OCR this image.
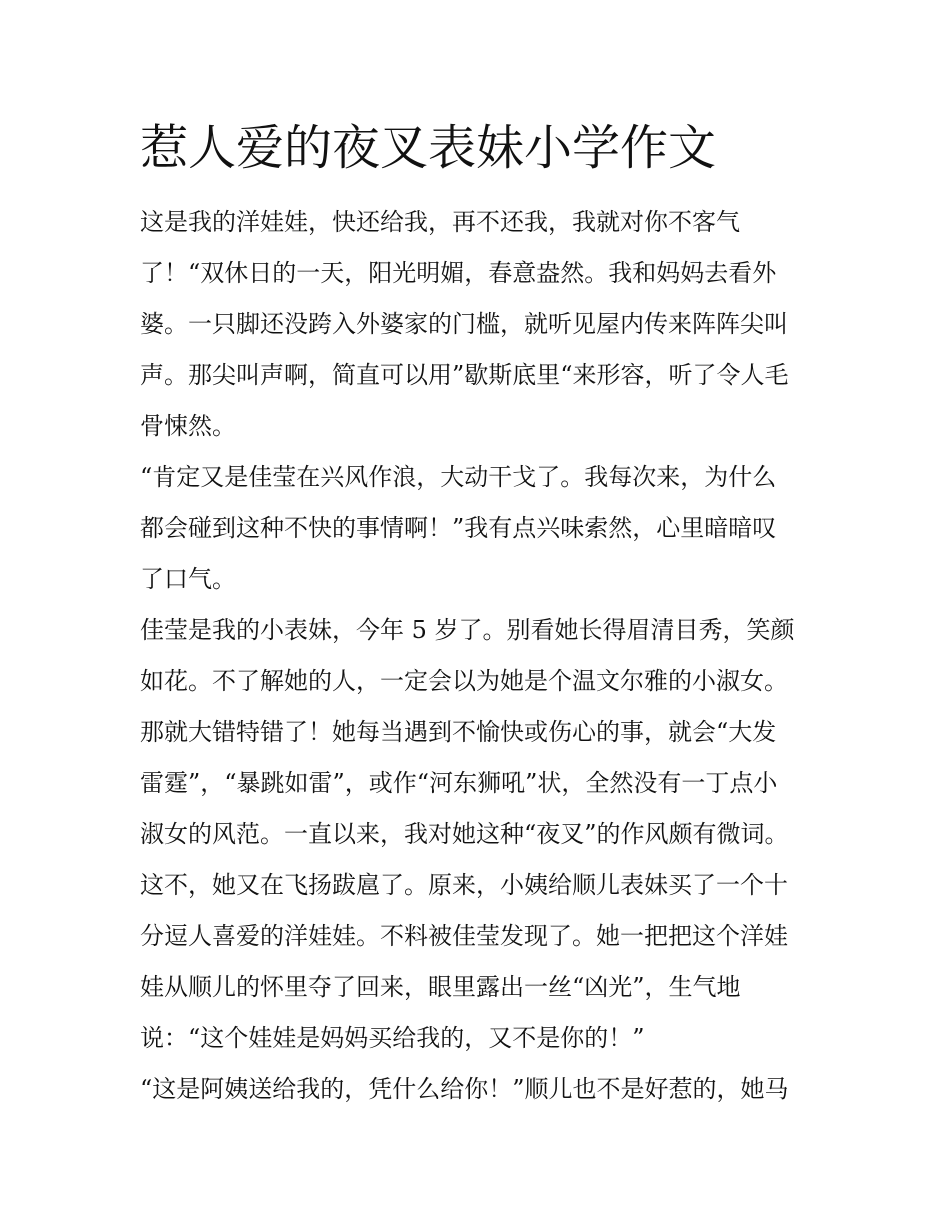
惹人爱的夜叉表妹小学作文
这是我的洋娃娃，快还给我，再不还我，我就对你不客气
了！“双休日的一天，阳光明媚，春意盎然。我和妈妈去看外
婆。一只脚还没跨入外婆家的门槛，就听见屋内传来阵阵尖叫
声。那尖叫声啊，简直可以用”歇斯底里“来形容，听了令人毛
骨悚然。
“肯定又是佳莹在兴风作浪，大动干戈了。我每次来，为什么
都会碰到这种不快的事情啊！”我有点兴味索然，心里暗暗叹
了口气。
佳莹是我的小表妹，今年 5 岁了。别看她长得眉清目秀，笑颜
如花。不了解她的人，一定会以为她是个温文尔雅的小淑女。
那就大错特错了！她每当遇到不愉快或伤心的事，就会“大发
雷霆”，“暴跳如雷”，或作“河东狮吼”状，全然没有一丁点小
淑女的风范。一直以来，我对她这种“夜叉”的作风颇有微词。
这不，她又在飞扬跋扈了。原来，小姨给顺儿表妹买了一个十
分逗人喜爱的洋娃娃。不料被佳莹发现了。她一把把这个洋娃
娃从顺儿的怀里夺了回来，眼里露出一丝“凶光”，生气地
说：“这个娃娃是妈妈买给我的，又不是你的！”
“这是阿姨送给我的，凭什么给你！”顺儿也不是好惹的，她马
